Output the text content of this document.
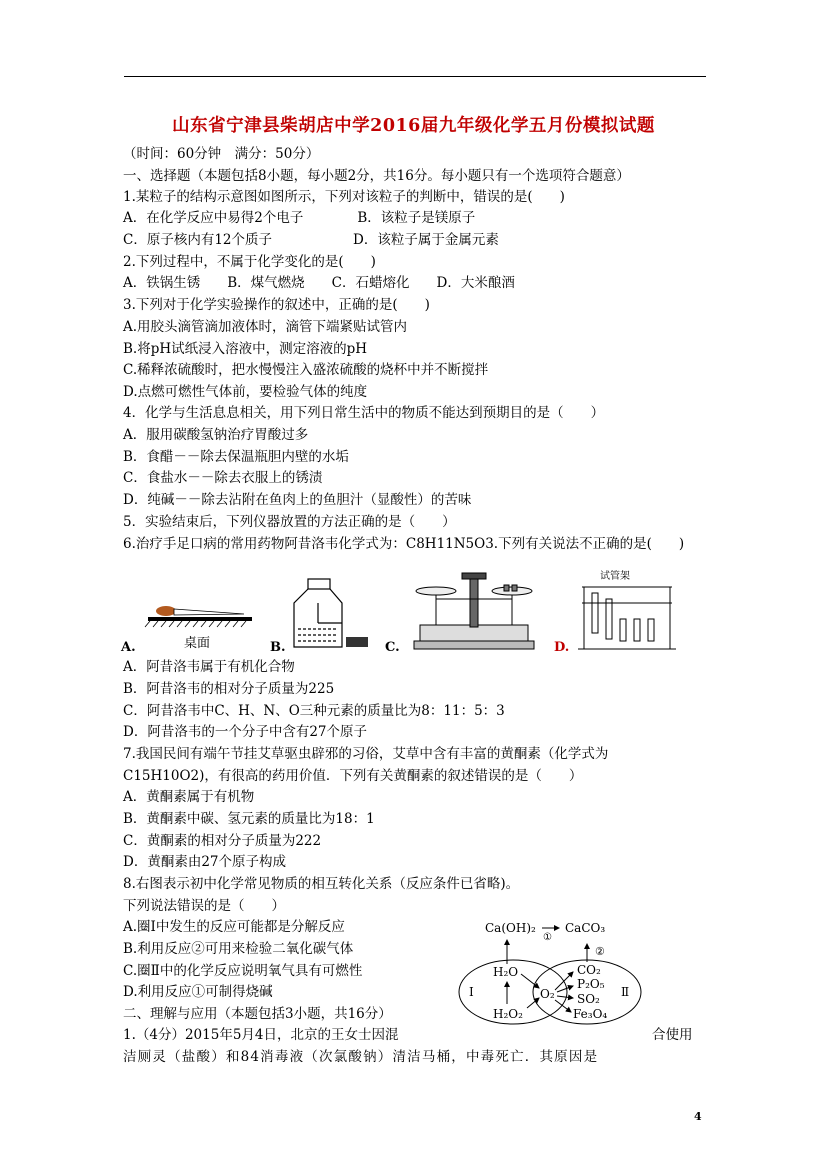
山东省宁津县柴胡店中学2016届九年级化学五月份模拟试题
（时间：60分钟　满分：50分）
一、选择题（本题包括8小题，每小题2分，共16分。每小题只有一个选项符合题意）
1.某粒子的结构示意图如图所示，下列对该粒子的判断中，错误的是(　　)
A．在化学反应中易得2个电子　　　　B．该粒子是镁原子
C．原子核内有12个质子　　　　　　D．该粒子属于金属元素
2.下列过程中，不属于化学变化的是(　　)
A．铁锅生锈　　B．煤气燃烧　　C．石蜡熔化　　D．大米酿酒
3.下列对于化学实验操作的叙述中，正确的是(　　)
A.用胶头滴管滴加液体时，滴管下端紧贴试管内
B.将pH试纸浸入溶液中，测定溶液的pH
C.稀释浓硫酸时，把水慢慢注入盛浓硫酸的烧杯中并不断搅拌
D.点燃可燃性气体前，要检验气体的纯度
4．化学与生活息息相关，用下列日常生活中的物质不能达到预期目的是（　　）
A．服用碳酸氢钠治疗胃酸过多
B．食醋－－除去保温瓶胆内壁的水垢
C．食盐水－－除去衣服上的锈渍
D．纯碱－－除去沾附在鱼肉上的鱼胆汁（显酸性）的苦味
5．实验结束后，下列仪器放置的方法正确的是（　　）
6.治疗手足口病的常用药物阿昔洛韦化学式为：C8H11N5O3.下列有关说法不正确的是(　　)
A.	桌面	B.	C.
试管架
D.
A．阿昔洛韦属于有机化合物
B．阿昔洛韦的相对分子质量为225
C．阿昔洛韦中C、H、N、O三种元素的质量比为8：11：5：3
D．阿昔洛韦的一个分子中含有27个原子
7.我国民间有端午节挂艾草驱虫辟邪的习俗，艾草中含有丰富的黄酮素（化学式为
C15H10O2)，有很高的药用价值．下列有关黄酮素的叙述错误的是（　　）
A．黄酮素属于有机物
B．黄酮素中碳、氢元素的质量比为18：1
C．黄酮素的相对分子质量为222
D．黄酮素由27个原子构成
8.右图表示初中化学常见物质的相互转化关系（反应条件已省略)。
下列说法错误的是（　　）
A.圈Ⅰ中发生的反应可能都是分解反应
B.利用反应②可用来检验二氧化碳气体
C.圈Ⅱ中的化学反应说明氧气具有可燃性
D.利用反应①可制得烧碱
二、理解与应用（本题包括3小题，共16分）
1.（4分）2015年5月4日，北京的王女士因混	合使用
洁厕灵（盐酸）和84消毒液（次氯酸钠）清洁马桶，中毒死亡．其原因是
Ca(OH)₂ CaCO₃
①
②
H₂O
H₂O₂
O₂
CO₂
P₂O₅
SO₂
Fe₃O₄
Ⅰ	Ⅱ
4
